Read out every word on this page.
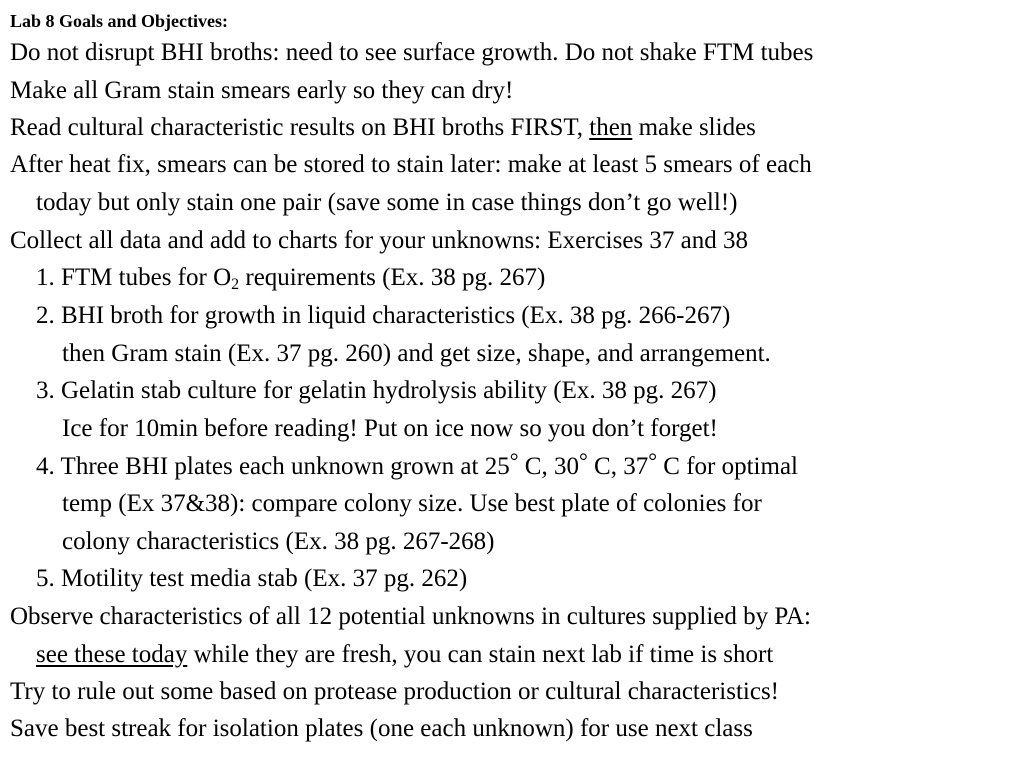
Lab 8 Goals and Objectives:
Do not disrupt BHI broths: need to see surface growth. Do not shake FTM tubes
Make all Gram stain smears early so they can dry!
Read cultural characteristic results on BHI broths FIRST, then make slides
After heat fix, smears can be stored to stain later: make at least 5 smears of each
today but only stain one pair (save some in case things don’t go well!)
Collect all data and add to charts for your unknowns: Exercises 37 and 38
1. FTM tubes for $O_2$ requirements (Ex. 38 pg. 267)
2. BHI broth for growth in liquid characteristics (Ex. 38 pg. 266-267)
then Gram stain (Ex. 37 pg. 260) and get size, shape, and arrangement.
3. Gelatin stab culture for gelatin hydrolysis ability (Ex. 38 pg. 267)
Ice for 10min before reading! Put on ice now so you don’t forget!
4. Three BHI plates each unknown grown at 25° C, 30° C, 37° C for optimal
temp (Ex 37&38): compare colony size. Use best plate of colonies for
colony characteristics (Ex. 38 pg. 267-268)
5. Motility test media stab (Ex. 37 pg. 262)
Observe characteristics of all 12 potential unknowns in cultures supplied by PA:
see these today while they are fresh, you can stain next lab if time is short
Try to rule out some based on protease production or cultural characteristics!
Save best streak for isolation plates (one each unknown) for use next class
